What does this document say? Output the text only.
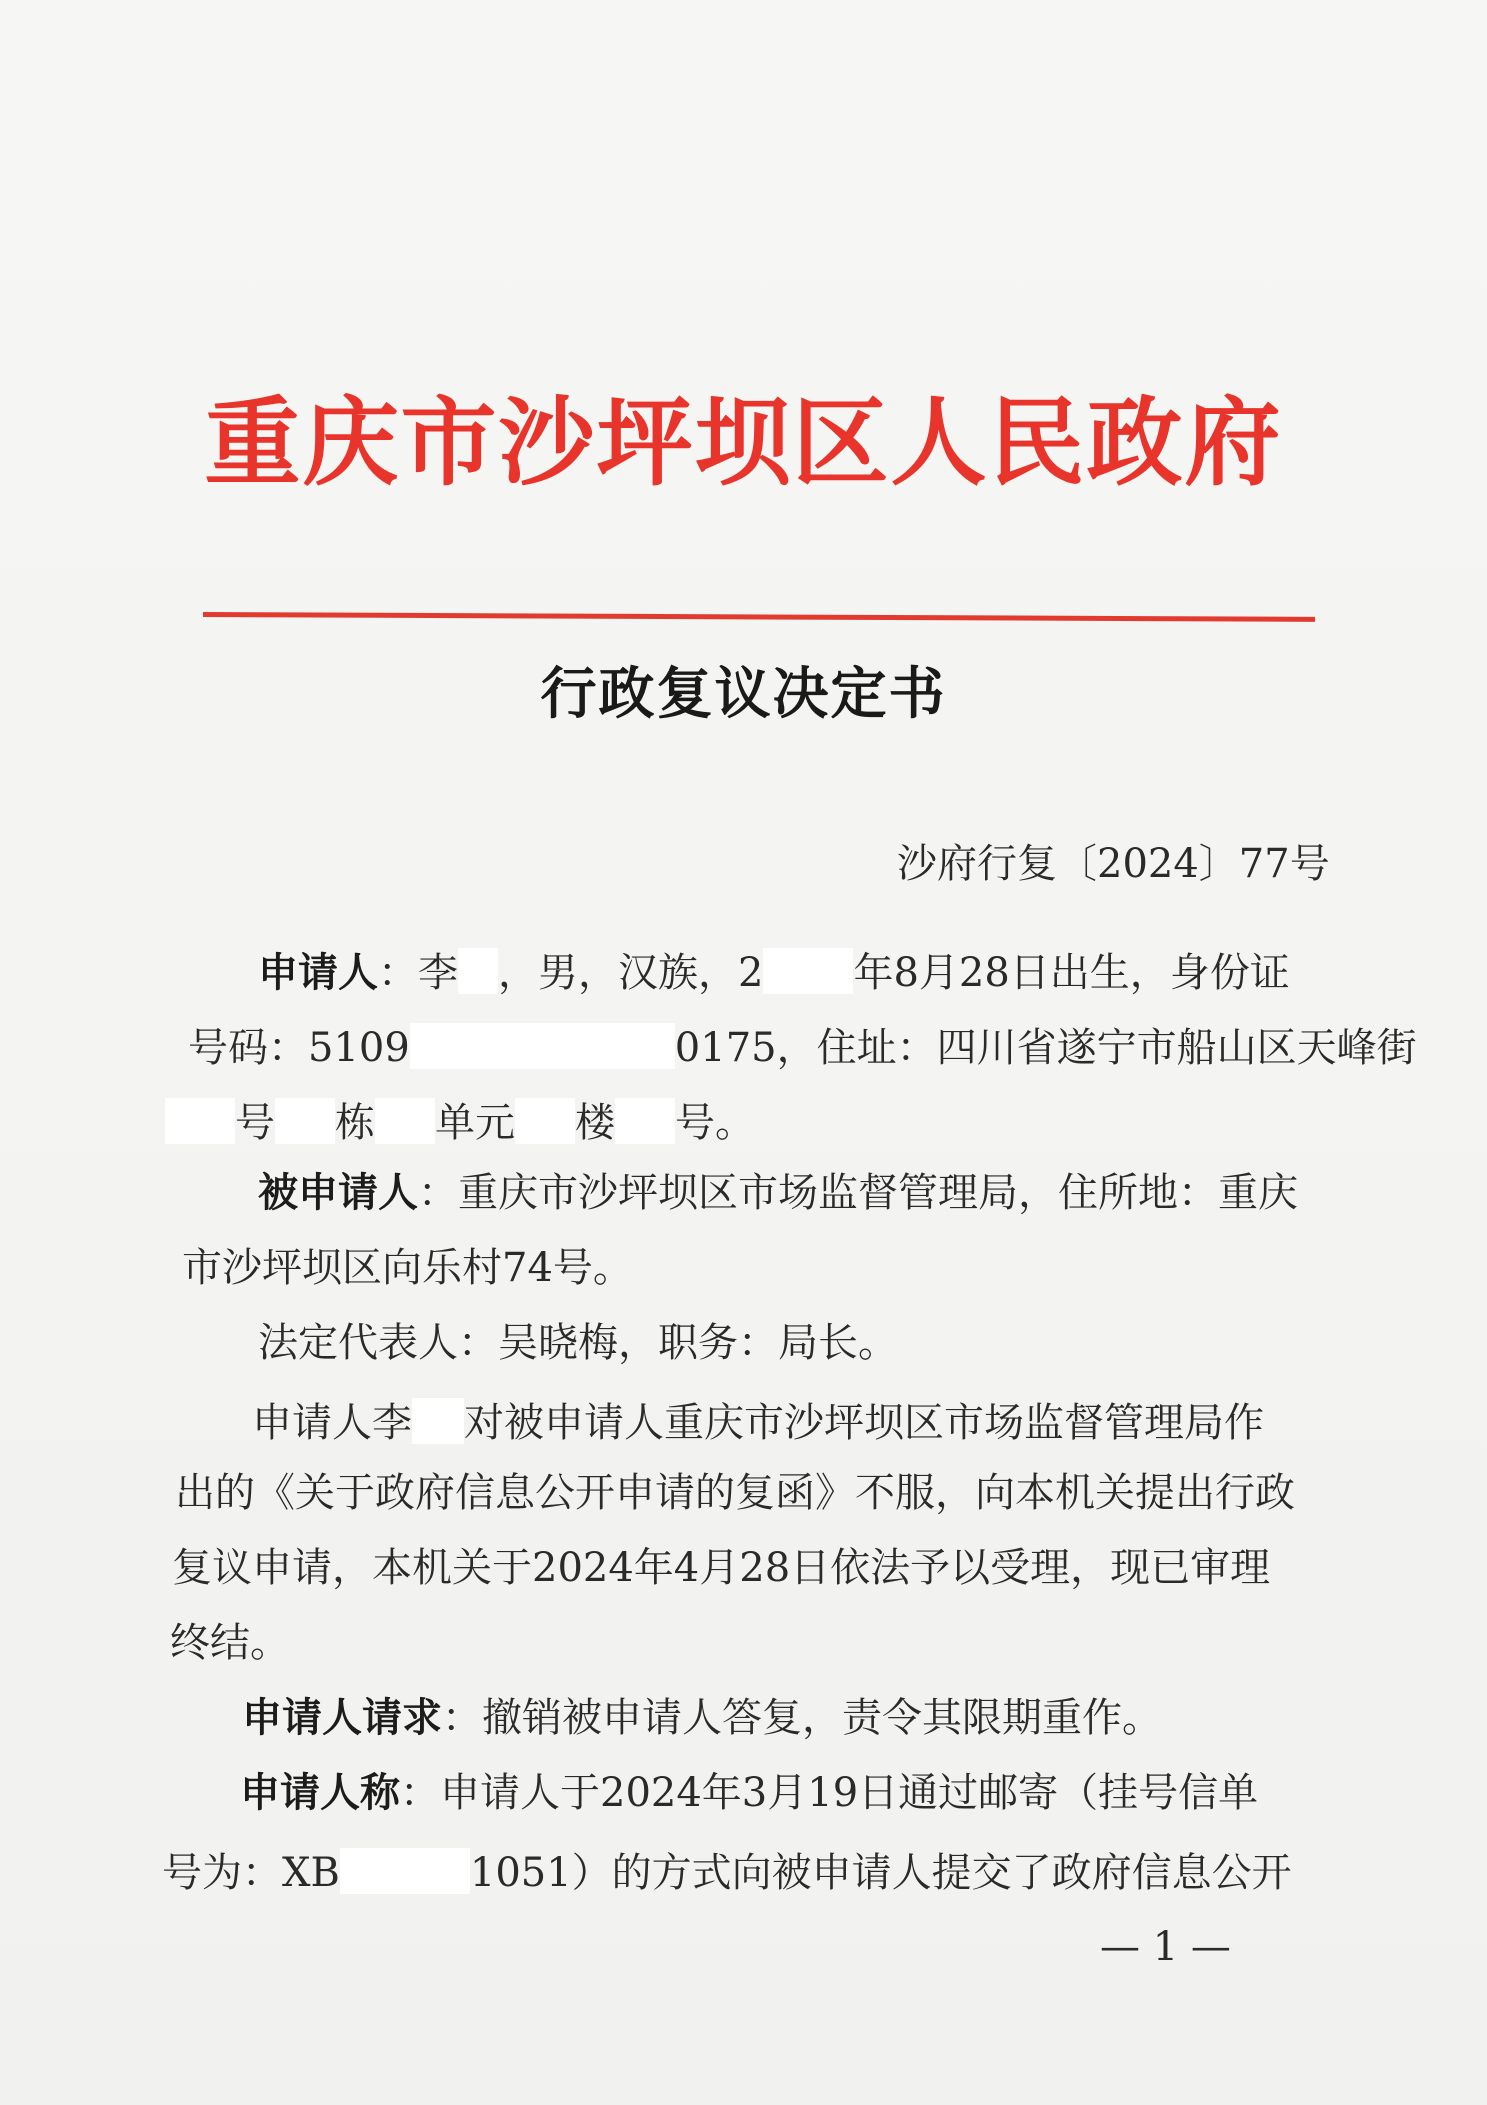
重庆市沙坪坝区人民政府
行政复议决定书
沙府行复〔2024〕77号
申请人：李 ，男，汉族，2 年8月28日出生，身份证
号码：5109	0175，住址：四川省遂宁市船山区天峰街
号 栋 单元 楼 号。
被申请人：重庆市沙坪坝区市场监督管理局，住所地：重庆
市沙坪坝区向乐村74号。
法定代表人：吴晓梅，职务：局长。
申请人李 对被申请人重庆市沙坪坝区市场监督管理局作
出的《关于政府信息公开申请的复函》不服，向本机关提出行政
复议申请，本机关于2024年4月28日依法予以受理，现已审理
终结。
申请人请求：撤销被申请人答复，责令其限期重作。
申请人称：申请人于2024年3月19日通过邮寄（挂号信单
号为：XB	1051）的方式向被申请人提交了政府信息公开
— 1 —
